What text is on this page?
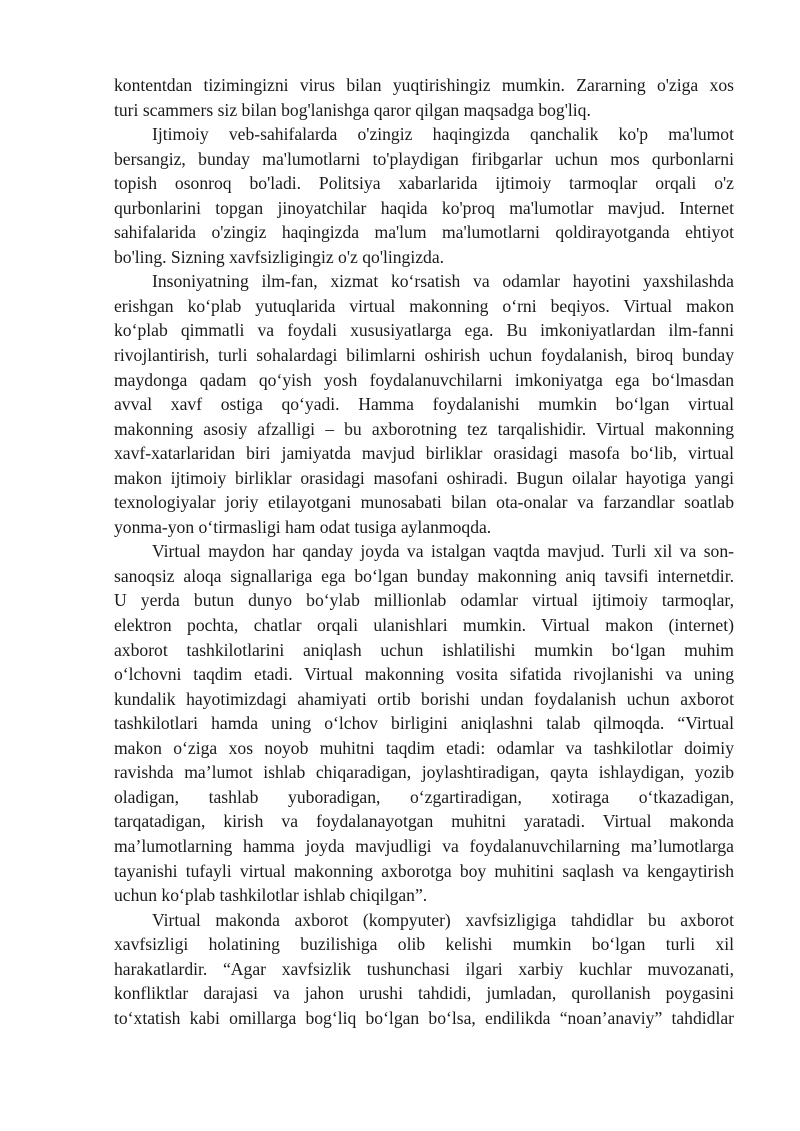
kontentdan tizimingizni virus bilan yuqtirishingiz mumkin. Zararning o'ziga xos
turi scammers siz bilan bog'lanishga qaror qilgan maqsadga bog'liq.
Ijtimoiy veb-sahifalarda o'zingiz haqingizda qanchalik ko'p ma'lumot
bersangiz, bunday ma'lumotlarni to'playdigan firibgarlar uchun mos qurbonlarni
topish osonroq bo'ladi. Politsiya xabarlarida ijtimoiy tarmoqlar orqali o'z
qurbonlarini topgan jinoyatchilar haqida ko'proq ma'lumotlar mavjud. Internet
sahifalarida o'zingiz haqingizda ma'lum ma'lumotlarni qoldirayotganda ehtiyot
bo'ling. Sizning xavfsizligingiz o'z qo'lingizda.
Insoniyatning ilm-fan, xizmat ko‘rsatish va odamlar hayotini yaxshilashda
erishgan ko‘plab yutuqlarida virtual makonning o‘rni beqiyos. Virtual makon
ko‘plab qimmatli va foydali xususiyatlarga ega. Bu imkoniyatlardan ilm-fanni
rivojlantirish, turli sohalardagi bilimlarni oshirish uchun foydalanish, biroq bunday
maydonga qadam qo‘yish yosh foydalanuvchilarni imkoniyatga ega bo‘lmasdan
avval xavf ostiga qo‘yadi. Hamma foydalanishi mumkin bo‘lgan virtual
makonning asosiy afzalligi – bu axborotning tez tarqalishidir. Virtual makonning
xavf-xatarlaridan biri jamiyatda mavjud birliklar orasidagi masofa bo‘lib, virtual
makon ijtimoiy birliklar orasidagi masofani oshiradi. Bugun oilalar hayotiga yangi
texnologiyalar joriy etilayotgani munosabati bilan ota-onalar va farzandlar soatlab
yonma-yon o‘tirmasligi ham odat tusiga aylanmoqda.
Virtual maydon har qanday joyda va istalgan vaqtda mavjud. Turli xil va son-
sanoqsiz aloqa signallariga ega bo‘lgan bunday makonning aniq tavsifi internetdir.
U yerda butun dunyo bo‘ylab millionlab odamlar virtual ijtimoiy tarmoqlar,
elektron pochta, chatlar orqali ulanishlari mumkin. Virtual makon (internet)
axborot tashkilotlarini aniqlash uchun ishlatilishi mumkin bo‘lgan muhim
o‘lchovni taqdim etadi. Virtual makonning vosita sifatida rivojlanishi va uning
kundalik hayotimizdagi ahamiyati ortib borishi undan foydalanish uchun axborot
tashkilotlari hamda uning o‘lchov birligini aniqlashni talab qilmoqda. “Virtual
makon o‘ziga xos noyob muhitni taqdim etadi: odamlar va tashkilotlar doimiy
ravishda ma’lumot ishlab chiqaradigan, joylashtiradigan, qayta ishlaydigan, yozib
oladigan, tashlab yuboradigan, o‘zgartiradigan, xotiraga o‘tkazadigan,
tarqatadigan, kirish va foydalanayotgan muhitni yaratadi. Virtual makonda
ma’lumotlarning hamma joyda mavjudligi va foydalanuvchilarning ma’lumotlarga
tayanishi tufayli virtual makonning axborotga boy muhitini saqlash va kengaytirish
uchun ko‘plab tashkilotlar ishlab chiqilgan”.
Virtual makonda axborot (kompyuter) xavfsizligiga tahdidlar bu axborot
xavfsizligi holatining buzilishiga olib kelishi mumkin bo‘lgan turli xil
harakatlardir. “Agar xavfsizlik tushunchasi ilgari xarbiy kuchlar muvozanati,
konfliktlar darajasi va jahon urushi tahdidi, jumladan, qurollanish poygasini
to‘xtatish kabi omillarga bog‘liq bo‘lgan bo‘lsa, endilikda “noan’anaviy” tahdidlar
